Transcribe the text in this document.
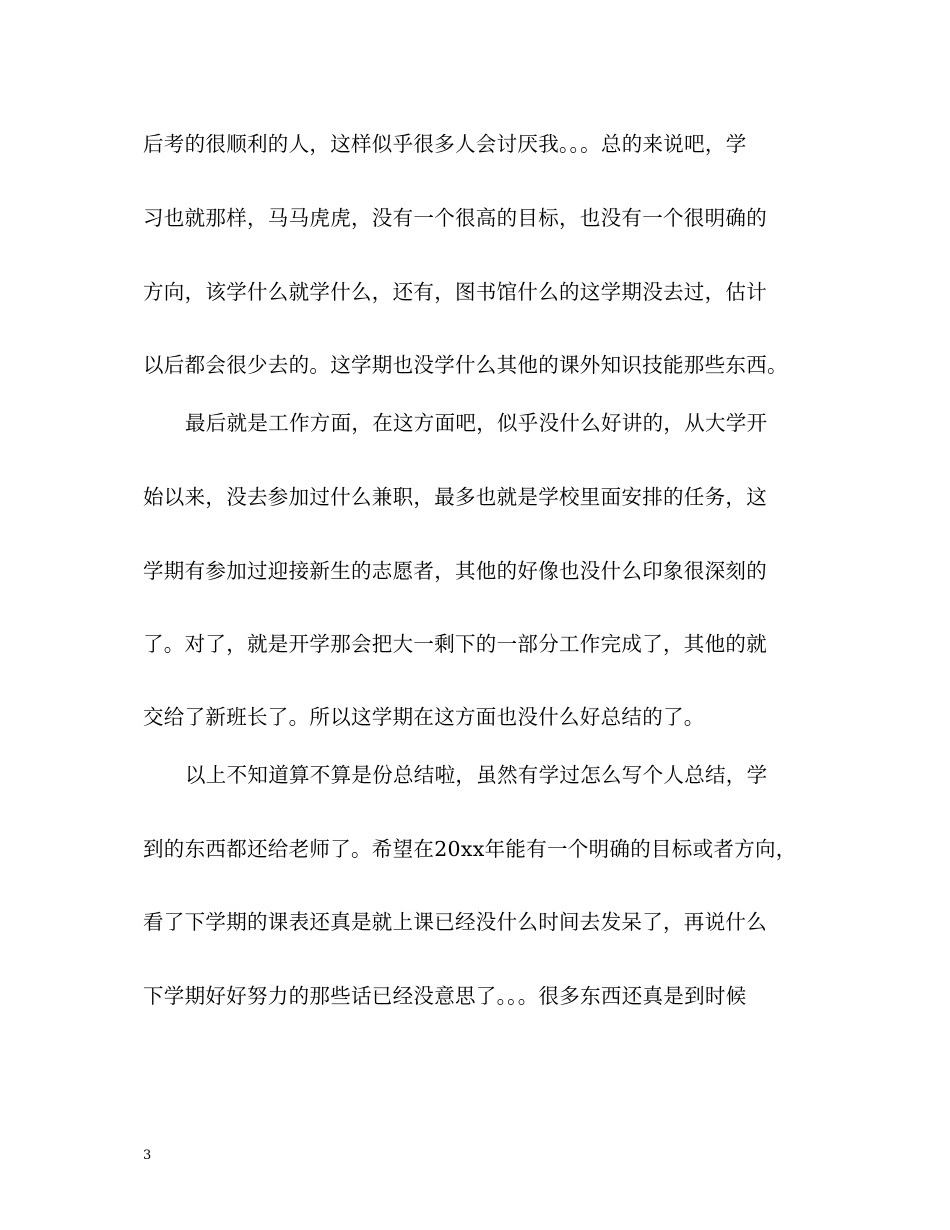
后考的很顺利的人，这样似乎很多人会讨厌我。。。总的来说吧，学
习也就那样，马马虎虎，没有一个很高的目标，也没有一个很明确的
方向，该学什么就学什么，还有，图书馆什么的这学期没去过，估计
以后都会很少去的。这学期也没学什么其他的课外知识技能那些东西。
最后就是工作方面，在这方面吧，似乎没什么好讲的，从大学开
始以来，没去参加过什么兼职，最多也就是学校里面安排的任务，这
学期有参加过迎接新生的志愿者，其他的好像也没什么印象很深刻的
了。对了，就是开学那会把大一剩下的一部分工作完成了，其他的就
交给了新班长了。所以这学期在这方面也没什么好总结的了。
以上不知道算不算是份总结啦，虽然有学过怎么写个人总结，学
到的东西都还给老师了。希望在20xx年能有一个明确的目标或者方向，
看了下学期的课表还真是就上课已经没什么时间去发呆了，再说什么
下学期好好努力的那些话已经没意思了。。。很多东西还真是到时候
3
